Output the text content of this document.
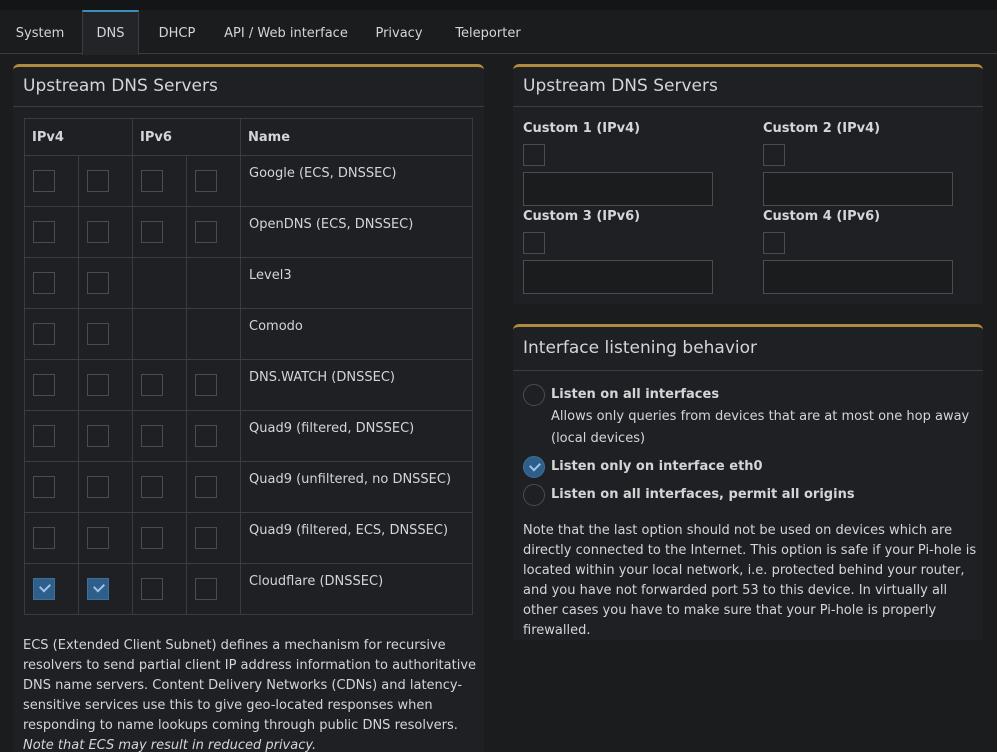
System	DNS	DHCP	API / Web interface	Privacy	Teleporter
Upstream DNS Servers
IPv4		IPv6		Name

	Google (ECS, DNSSEC)

	OpenDNS (ECS, DNSSEC)

			Level3

			Comodo

	DNS.WATCH (DNSSEC)

	Quad9 (filtered, DNSSEC)

	Quad9 (unfiltered, no DNSSEC)

	Quad9 (filtered, ECS, DNSSEC)

	Cloudflare (DNSSEC)
ECS (Extended Client Subnet) defines a mechanism for recursive resolvers to send partial client IP address information to authoritative DNS name servers. Content Delivery Networks (CDNs) and latency-sensitive services use this to give geo-located responses when responding to name lookups coming through public DNS resolvers. Note that ECS may result in reduced privacy.
Upstream DNS Servers
Custom 1 (IPv4)	Custom 2 (IPv4)
Custom 3 (IPv6)	Custom 4 (IPv6)
Interface listening behavior
Listen on all interfaces
Allows only queries from devices that are at most one hop away (local devices)
Listen only on interface eth0
Listen on all interfaces, permit all origins
Note that the last option should not be used on devices which are directly connected to the Internet. This option is safe if your Pi-hole is located within your local network, i.e. protected behind your router, and you have not forwarded port 53 to this device. In virtually all other cases you have to make sure that your Pi-hole is properly firewalled.
